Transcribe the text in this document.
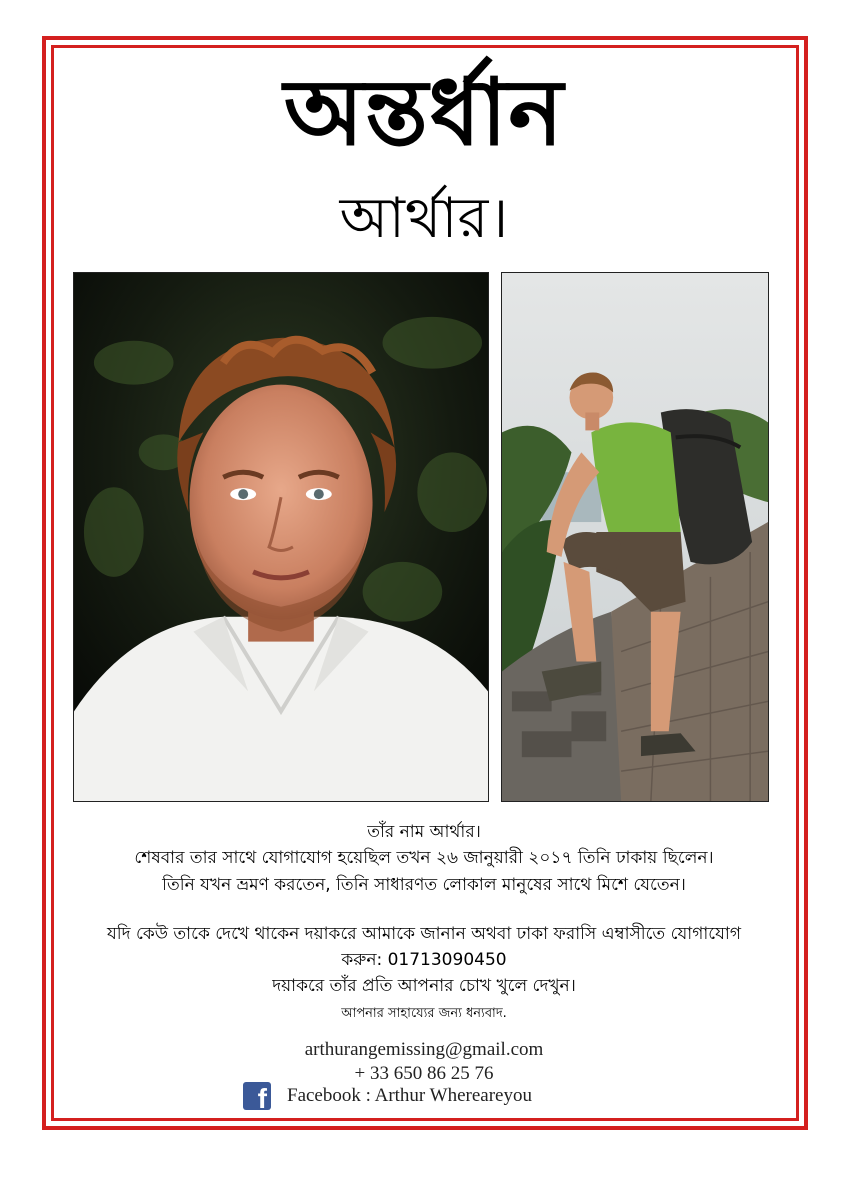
অন্তর্ধান
আর্থার।
তাঁর নাম আর্থার।
শেষবার তার সাথে যোগাযোগ হয়েছিল তখন ২৬ জানুয়ারী ২০১৭ তিনি ঢাকায় ছিলেন।
তিনি যখন ভ্রমণ করতেন, তিনি সাধারণত লোকাল মানুষের সাথে মিশে যেতেন।
যদি কেউ তাকে দেখে থাকেন দয়াকরে আমাকে জানান অথবা ঢাকা ফরাসি এম্বাসীতে যোগাযোগ
করুন: 01713090450
দয়াকরে তাঁর প্রতি আপনার চোখ খুলে দেখুন।
আপনার সাহায্যের জন্য ধন্যবাদ.
arthurangemissing@gmail.com
+ 33 650 86 25 76
f Facebook : Arthur Whereareyou
